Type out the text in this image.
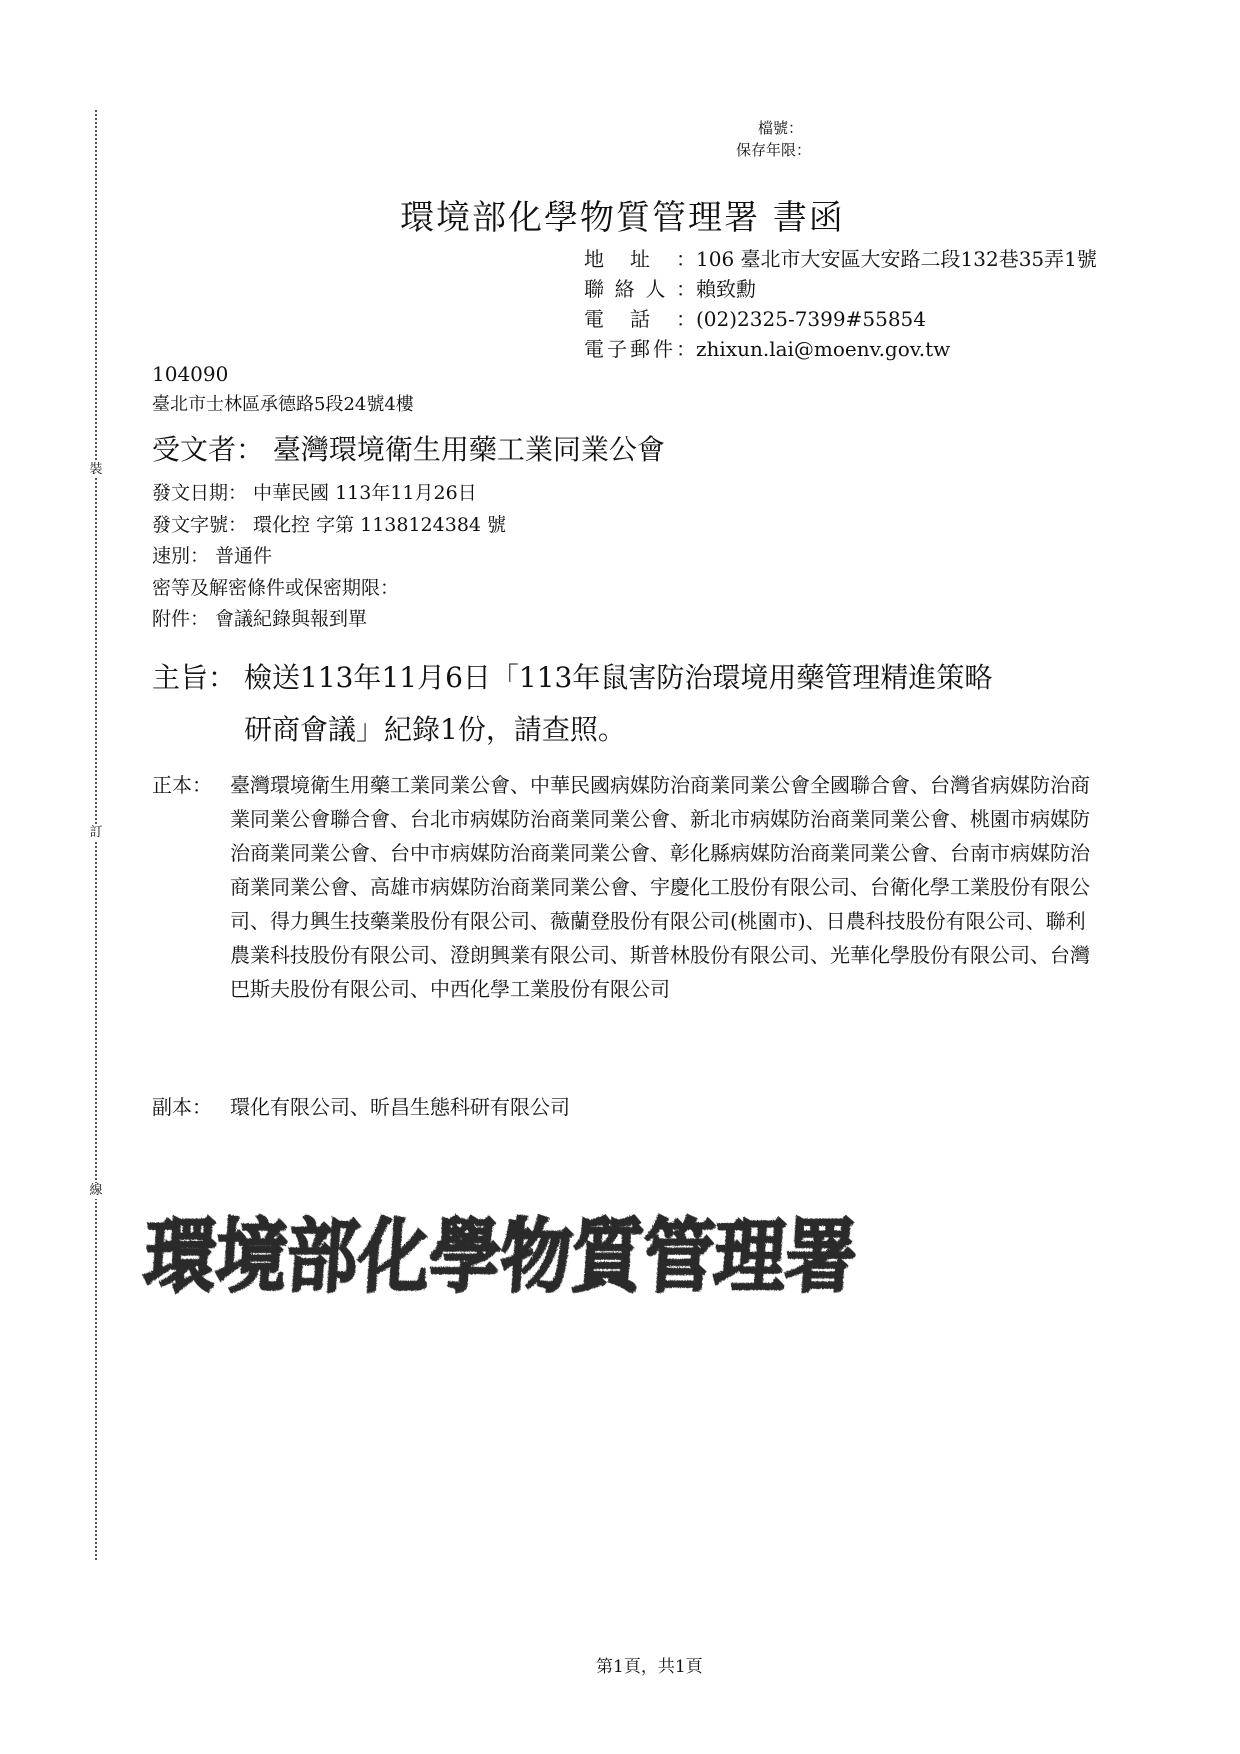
裝
訂
線
檔號：
保存年限：
環境部化學物質管理署 書函
地址：106 臺北市大安區大安路二段132巷35弄1號
聯絡人：賴致勳
電話：(02)2325-7399#55854
電子郵件：zhixun.lai@moenv.gov.tw
104090
臺北市士林區承德路5段24號4樓
受文者： 臺灣環境衛生用藥工業同業公會
發文日期： 中華民國 113年11月26日
發文字號： 環化控 字第 1138124384 號
速別： 普通件
密等及解密條件或保密期限：
附件： 會議紀錄與報到單
主旨： 檢送113年11月6日「113年鼠害防治環境用藥管理精進策略研商會議」紀錄1份，請查照。
正本： 臺灣環境衛生用藥工業同業公會、中華民國病媒防治商業同業公會全國聯合會、台灣省病媒防治商業同業公會聯合會、台北市病媒防治商業同業公會、新北市病媒防治商業同業公會、桃園市病媒防治商業同業公會、台中市病媒防治商業同業公會、彰化縣病媒防治商業同業公會、台南市病媒防治商業同業公會、高雄市病媒防治商業同業公會、宇慶化工股份有限公司、台衛化學工業股份有限公司、得力興生技藥業股份有限公司、薇蘭登股份有限公司(桃園市)、日農科技股份有限公司、聯利農業科技股份有限公司、澄朗興業有限公司、斯普林股份有限公司、光華化學股份有限公司、台灣巴斯夫股份有限公司、中西化學工業股份有限公司
副本： 環化有限公司、昕昌生態科研有限公司
環境部化學物質管理署
第1頁，共1頁
